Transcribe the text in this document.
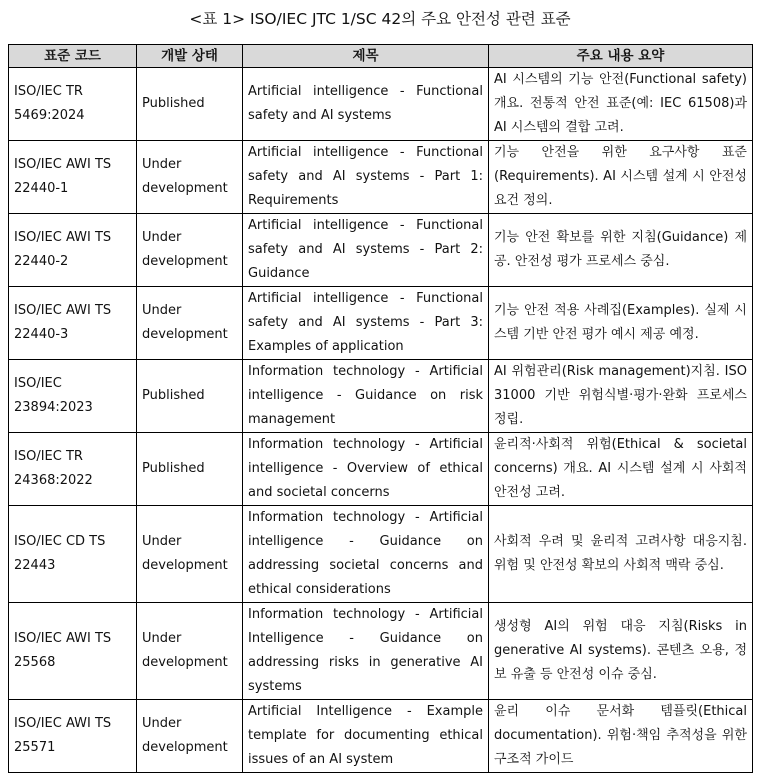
<표 1> ISO/IEC JTC 1/SC 42의 주요 안전성 관련 표준
표준 코드	개발 상태	제목	주요 내용 요약
ISO/IEC TR 5469:2024	Published	Artificial intelligence - Functional safety and AI systems	AI 시스템의 기능 안전(Functional safety) 개요. 전통적 안전 표준(예: IEC 61508)과 AI 시스템의 결합 고려.
ISO/IEC AWI TS 22440-1	Under development	Artificial intelligence - Functional safety and AI systems - Part 1: Requirements	기능 안전을 위한 요구사항 표준(Requirements). AI 시스템 설계 시 안전성 요건 정의.
ISO/IEC AWI TS 22440-2	Under development	Artificial intelligence - Functional safety and AI systems - Part 2: Guidance	기능 안전 확보를 위한 지침(Guidance) 제공. 안전성 평가 프로세스 중심.
ISO/IEC AWI TS 22440-3	Under development	Artificial intelligence - Functional safety and AI systems - Part 3: Examples of application	기능 안전 적용 사례집(Examples). 실제 시스템 기반 안전 평가 예시 제공 예정.
ISO/IEC 23894:2023	Published	Information technology - Artificial intelligence - Guidance on risk management	AI 위험관리(Risk management)지침. ISO 31000 기반 위험식별·평가·완화 프로세스 정립.
ISO/IEC TR 24368:2022	Published	Information technology - Artificial intelligence - Overview of ethical and societal concerns	윤리적·사회적 위험(Ethical & societal concerns) 개요. AI 시스템 설계 시 사회적 안전성 고려.
ISO/IEC CD TS 22443	Under development	Information technology - Artificial intelligence - Guidance on addressing societal concerns and ethical considerations	사회적 우려 및 윤리적 고려사항 대응지침. 위험 및 안전성 확보의 사회적 맥락 중심.
ISO/IEC AWI TS 25568	Under development	Information technology - Artificial Intelligence - Guidance on addressing risks in generative AI systems	생성형 AI의 위험 대응 지침(Risks in generative AI systems). 콘텐츠 오용, 정보 유출 등 안전성 이슈 중심.
ISO/IEC AWI TS 25571	Under development	Artificial Intelligence - Example template for documenting ethical issues of an AI system	윤리 이슈 문서화 템플릿(Ethical documentation). 위험·책임 추적성을 위한 구조적 가이드
